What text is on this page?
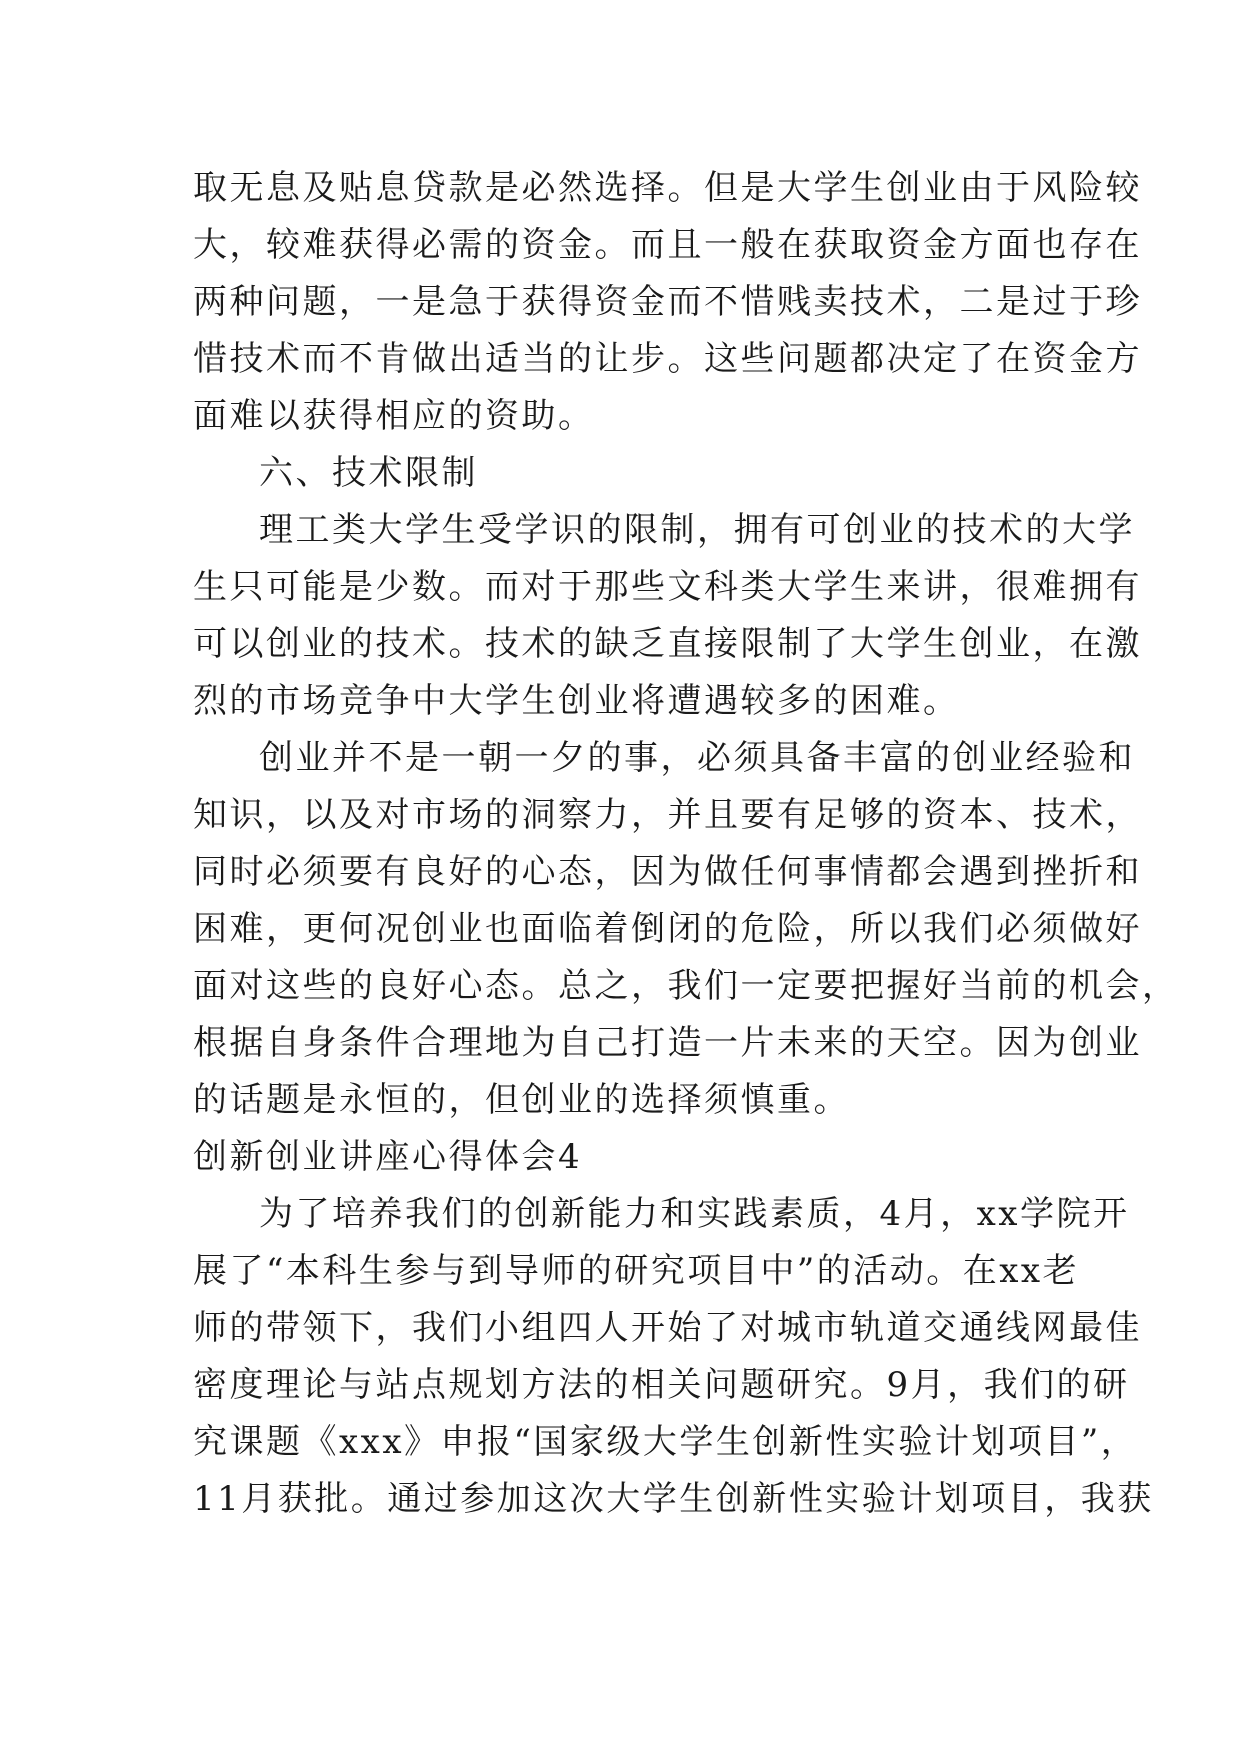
取无息及贴息贷款是必然选择。但是大学生创业由于风险较
大，较难获得必需的资金。而且一般在获取资金方面也存在
两种问题，一是急于获得资金而不惜贱卖技术，二是过于珍
惜技术而不肯做出适当的让步。这些问题都决定了在资金方
面难以获得相应的资助。
六、技术限制
理工类大学生受学识的限制，拥有可创业的技术的大学
生只可能是少数。而对于那些文科类大学生来讲，很难拥有
可以创业的技术。技术的缺乏直接限制了大学生创业，在激
烈的市场竞争中大学生创业将遭遇较多的困难。
创业并不是一朝一夕的事，必须具备丰富的创业经验和
知识，以及对市场的洞察力，并且要有足够的资本、技术，
同时必须要有良好的心态，因为做任何事情都会遇到挫折和
困难，更何况创业也面临着倒闭的危险，所以我们必须做好
面对这些的良好心态。总之，我们一定要把握好当前的机会，
根据自身条件合理地为自己打造一片未来的天空。因为创业
的话题是永恒的，但创业的选择须慎重。
创新创业讲座心得体会4
为了培养我们的创新能力和实践素质，4月，xx学院开
展了“本科生参与到导师的研究项目中”的活动。在xx老
师的带领下，我们小组四人开始了对城市轨道交通线网最佳
密度理论与站点规划方法的相关问题研究。9月，我们的研
究课题《xxx》申报“国家级大学生创新性实验计划项目”，
11月获批。通过参加这次大学生创新性实验计划项目，我获
